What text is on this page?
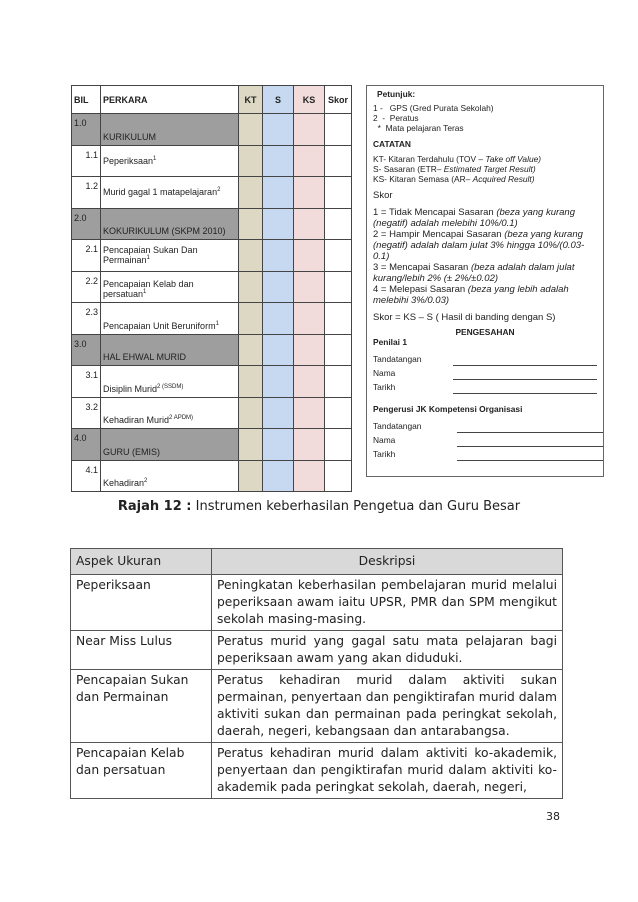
BIL	PERKARA	KT	S	KS	Skor
1.0	KURIKULUM				
1.1	Peperiksaan$^1$				
1.2	Murid gagal 1 matapelajaran$^2$				
2.0	KOKURIKULUM (SKPM 2010)				
2.1	Pencapaian Sukan Dan Permainan$^1$				
2.2	Pencapaian Kelab dan persatuan$^1$				
2.3	Pencapaian Unit Beruniform$^1$				
3.0	HAL EHWAL MURID				
3.1	Disiplin Murid$^{2 (SSDM)}$				
3.2	Kehadiran Murid$^{2 APDM)}$				
4.0	GURU (EMIS)				
4.1	Kehadiran$^2$				
Petunjuk:
1 -   GPS (Gred Purata Sekolah)
2  -  Peratus
*  Mata pelajaran Teras
CATATAN
KT- Kitaran Terdahulu (TOV – Take off Value)
S- Sasaran (ETR– Estimated Target Result)
KS- Kitaran Semasa (AR– Acquired Result)
Skor
1 = Tidak Mencapai Sasaran (beza yang kurang (negatif) adalah melebihi 10%/0.1)
2 = Hampir Mencapai Sasaran (beza yang kurang (negatif) adalah dalam julat 3% hingga 10%/(0.03-0.1)
3 = Mencapai Sasaran (beza adalah dalam julat kurang/lebih 2% (± 2%/±0.02)
4 = Melepasi Sasaran (beza yang lebih adalah melebihi 3%/0.03)
Skor = KS – S ( Hasil di banding dengan S)
PENGESAHAN
Penilai 1
Tandatangan
Nama
Tarikh
Pengerusi JK Kompetensi Organisasi
Tandatangan
Nama
Tarikh
Rajah 12 : Instrumen keberhasilan Pengetua dan Guru Besar
Aspek Ukuran	Deskripsi
Peperiksaan	Peningkatan keberhasilan pembelajaran murid melalui peperiksaan awam iaitu UPSR, PMR dan SPM mengikut sekolah masing-masing.
Near Miss Lulus	Peratus murid yang gagal satu mata pelajaran bagi peperiksaan awam yang akan diduduki.
Pencapaian Sukan dan Permainan	Peratus kehadiran murid dalam aktiviti sukan permainan, penyertaan dan pengiktirafan murid dalam aktiviti sukan dan permainan pada peringkat sekolah, daerah, negeri, kebangsaan dan antarabangsa.
Pencapaian Kelab dan persatuan	Peratus kehadiran murid dalam aktiviti ko-akademik, penyertaan dan pengiktirafan murid dalam aktiviti ko-akademik pada peringkat sekolah, daerah, negeri,
38
